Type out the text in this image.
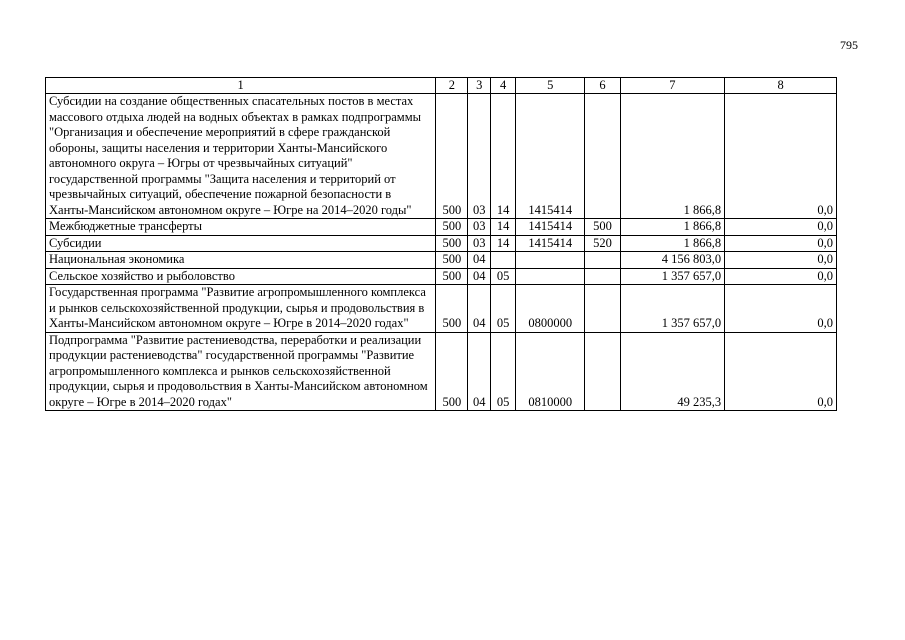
795
1	2	3	4	5	6	7	8
Субсидии на создание общественных спасательных постов в местах массового отдыха людей на водных объектах в рамках подпрограммы "Организация и обеспечение мероприятий в сфере гражданской обороны, защиты населения и территории Ханты-Мансийского автономного округа – Югры от чрезвычайных ситуаций" государственной программы "Защита населения и территорий от чрезвычайных ситуаций, обеспечение пожарной безопасности в Ханты-Мансийском автономном округе – Югре на 2014–2020 годы"	500	03	14	1415414		1 866,8	0,0
Межбюджетные трансферты	500	03	14	1415414	500	1 866,8	0,0
Субсидии	500	03	14	1415414	520	1 866,8	0,0
Национальная экономика	500	04				4 156 803,0	0,0
Сельское хозяйство и рыболовство	500	04	05			1 357 657,0	0,0
Государственная программа "Развитие агропромышленного комплекса и рынков сельскохозяйственной продукции, сырья и продовольствия в Ханты-Мансийском автономном округе – Югре в 2014–2020 годах"	500	04	05	0800000		1 357 657,0	0,0
Подпрограмма "Развитие растениеводства, переработки и реализации продукции растениеводства" государственной программы "Развитие агропромышленного комплекса и рынков сельскохозяйственной продукции, сырья и продовольствия в Ханты-Мансийском автономном округе – Югре в 2014–2020 годах"	500	04	05	0810000		49 235,3	0,0
